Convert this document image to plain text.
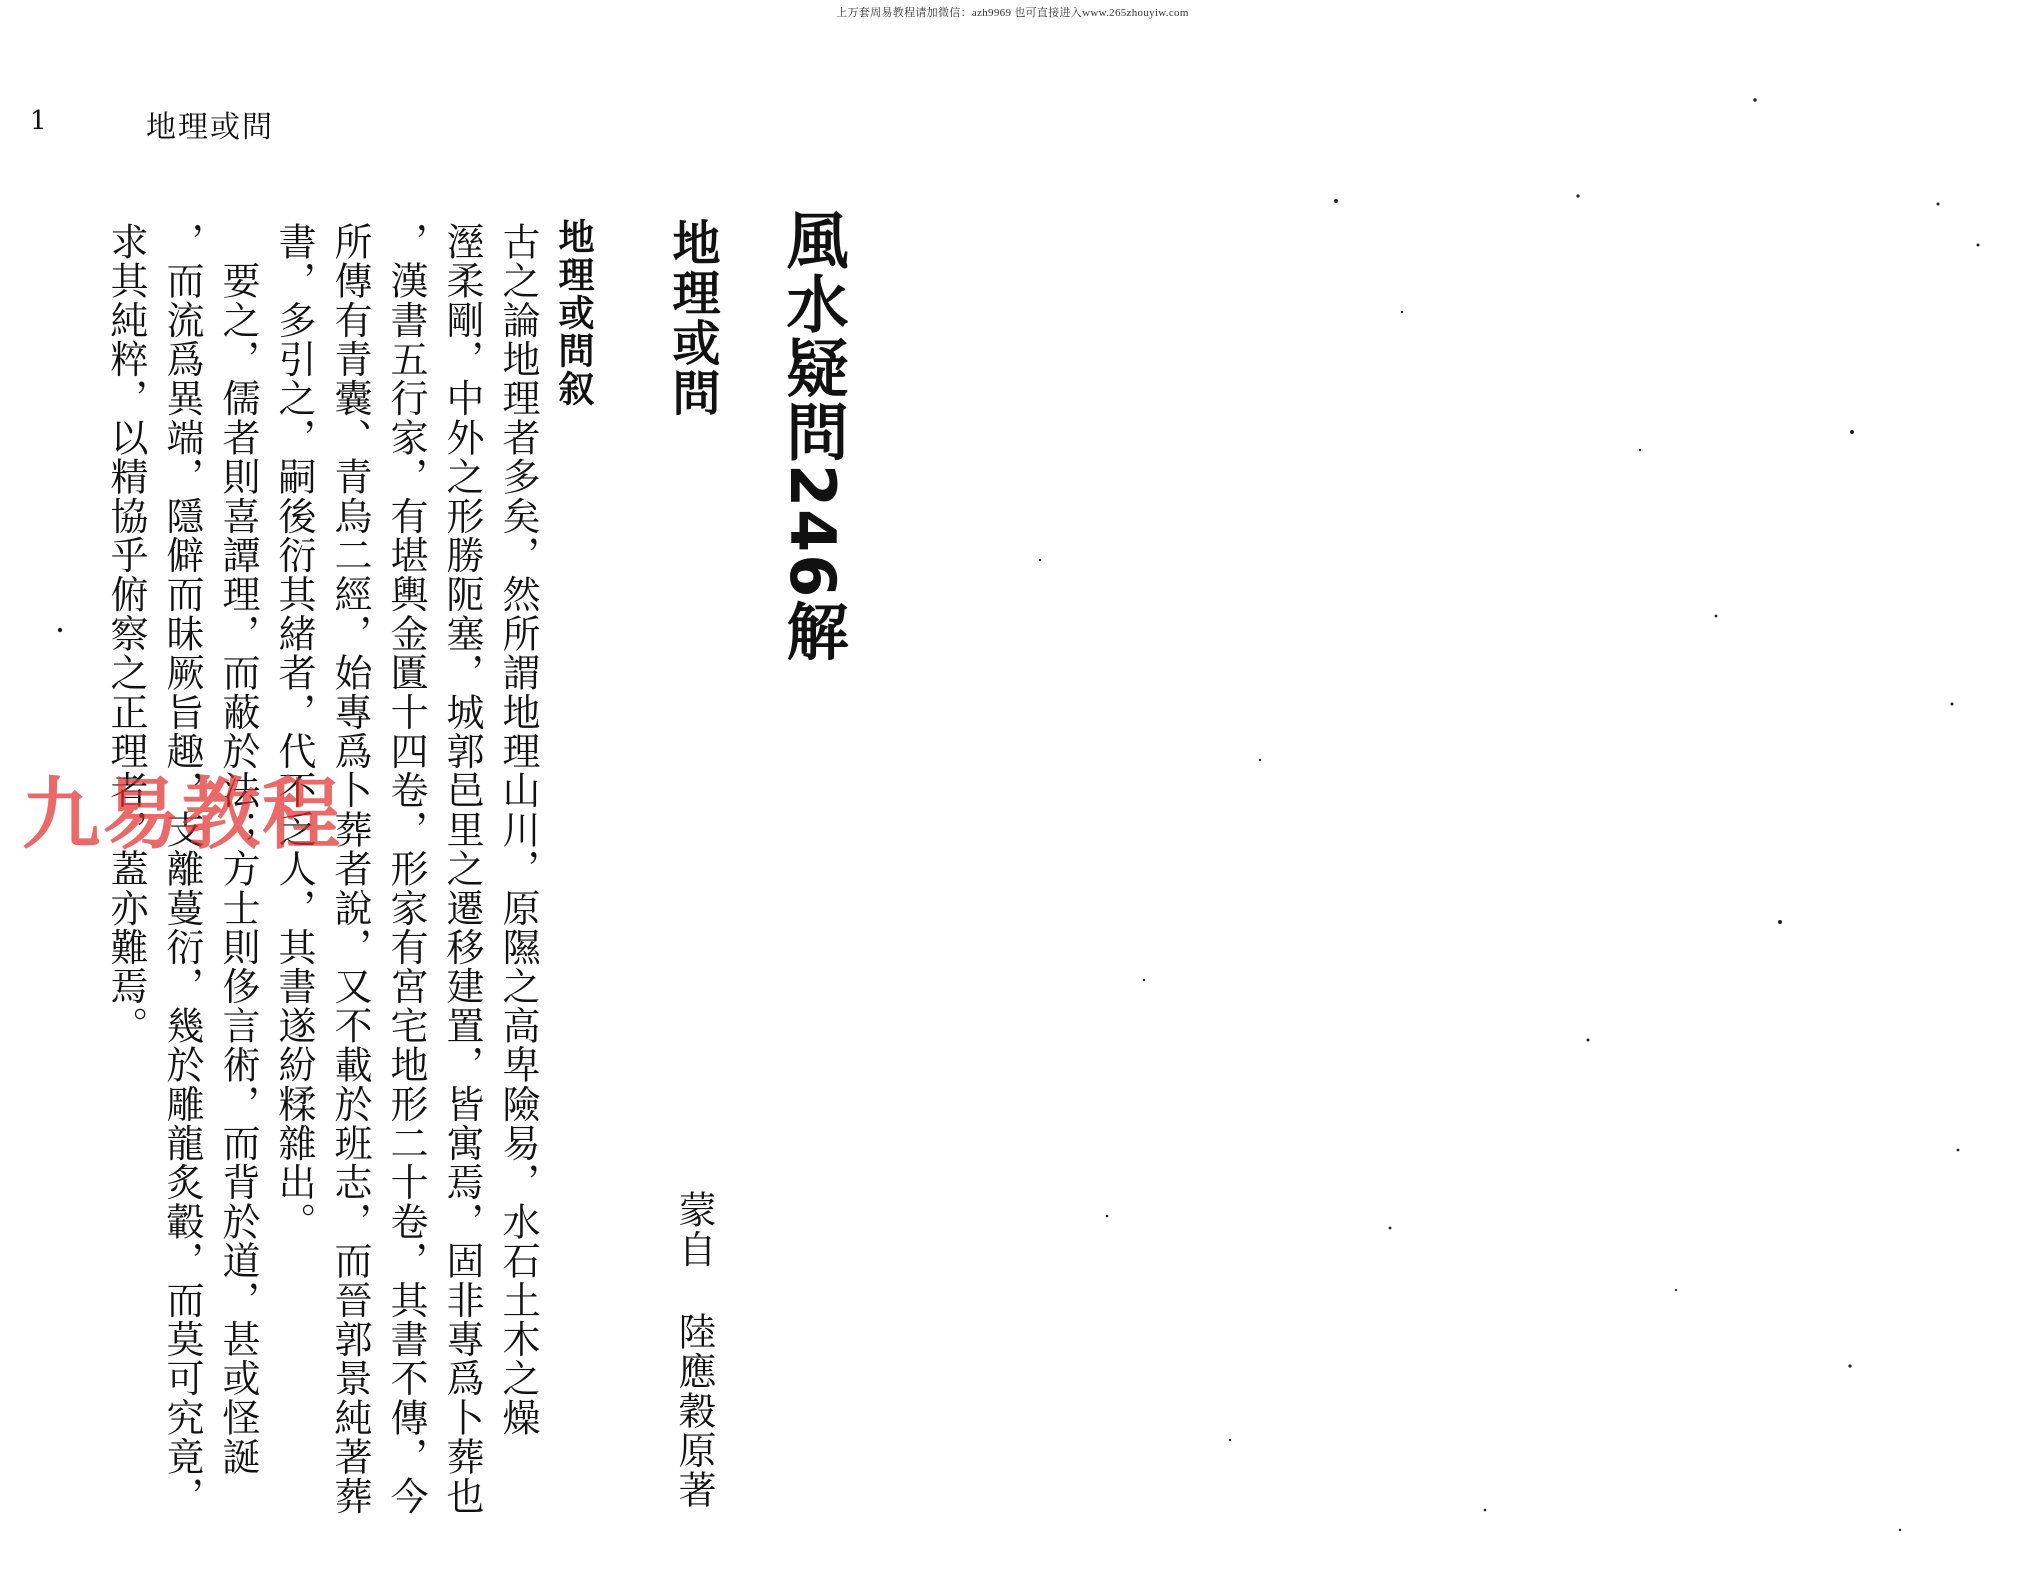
上万套周易教程请加微信：azh9969 也可直接进入www.265zhouyiw.com
1	地理或問
風水疑問246解
地理或問
地理或問叙
蒙自
陸應穀原著
古之論地理者多矣，然所謂地理山川，原隰之高卑險易，水石土木之燥
溼柔剛，中外之形勝阨塞，城郭邑里之遷移建置，皆寓焉，固非專爲卜葬也
，漢書五行家，有堪輿金匱十四卷，形家有宮宅地形二十卷，其書不傳，今
所傳有青囊、青烏二經，始專爲卜葬者說，又不載於班志，而晉郭景純著葬
書，多引之，嗣後衍其緒者，代不乏人，其書遂紛糅雜出。
　要之，儒者則喜譚理，而蔽於法；方士則侈言術，而背於道，甚或怪誕
，而流爲異端，隱僻而昧厥旨趣，支離蔓衍，幾於雕龍炙轂，而莫可究竟，
求其純粹，以精協乎俯察之正理者，蓋亦難焉。
九易教程
